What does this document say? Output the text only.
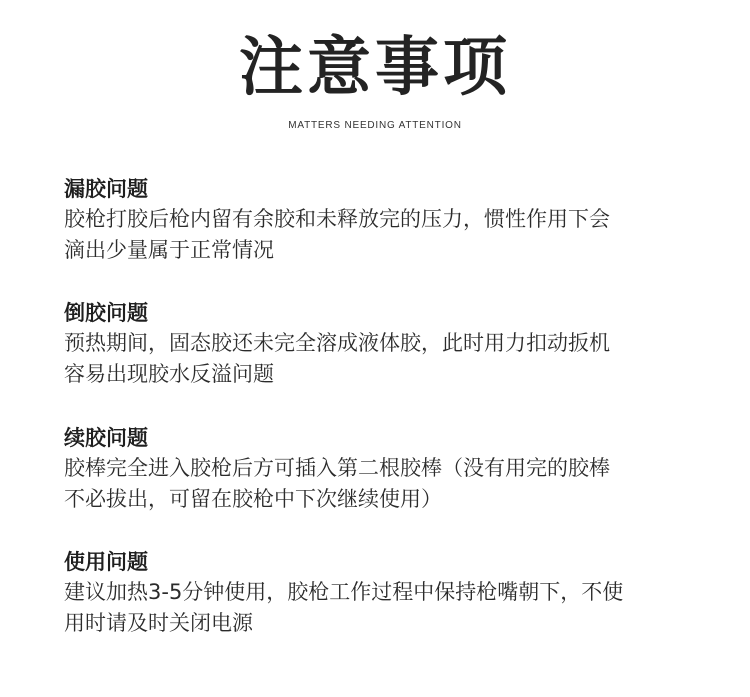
注意事项
MATTERS NEEDING ATTENTION
漏胶问题
胶枪打胶后枪内留有余胶和未释放完的压力，惯性作用下会
滴出少量属于正常情况
倒胶问题
预热期间，固态胶还未完全溶成液体胶，此时用力扣动扳机
容易出现胶水反溢问题
续胶问题
胶棒完全进入胶枪后方可插入第二根胶棒（没有用完的胶棒
不必拔出，可留在胶枪中下次继续使用）
使用问题
建议加热3-5分钟使用，胶枪工作过程中保持枪嘴朝下，不使
用时请及时关闭电源
